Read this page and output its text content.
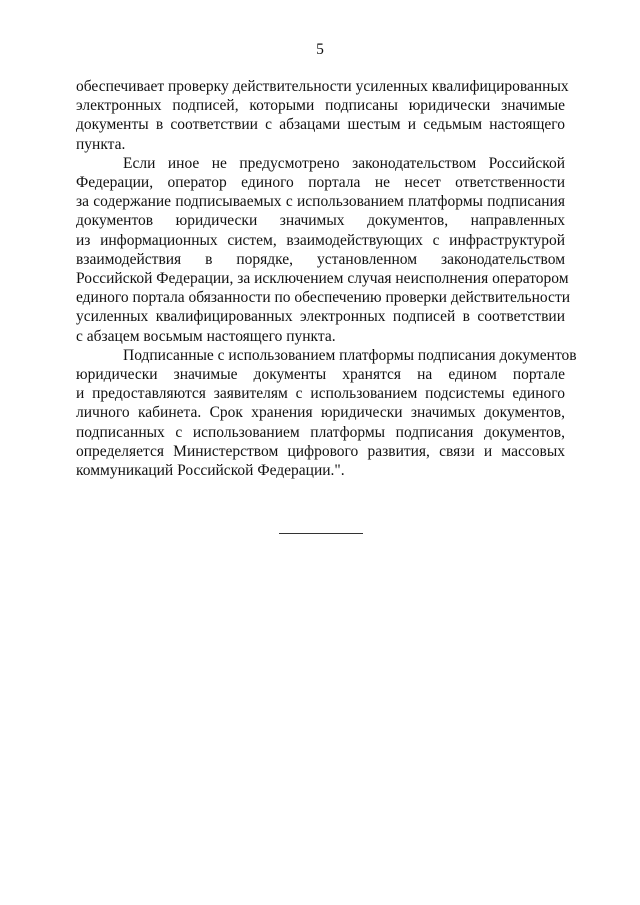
5

обеспечивает проверку действительности усиленных квалифицированных
электронных подписей, которыми подписаны юридически значимые
документы в соответствии с абзацами шестым и седьмым настоящего
пункта.

Если иное не предусмотрено законодательством Российской
Федерации, оператор единого портала не несет ответственности
за содержание подписываемых с использованием платформы подписания
документов юридически значимых документов, направленных
из информационных систем, взаимодействующих с инфраструктурой
взаимодействия в порядке, установленном законодательством
Российской Федерации, за исключением случая неисполнения оператором
единого портала обязанности по обеспечению проверки действительности
усиленных квалифицированных электронных подписей в соответствии
с абзацем восьмым настоящего пункта.

Подписанные с использованием платформы подписания документов
юридически значимые документы хранятся на едином портале
и предоставляются заявителям с использованием подсистемы единого
личного кабинета. Срок хранения юридически значимых документов,
подписанных с использованием платформы подписания документов,
определяется Министерством цифрового развития, связи и массовых
коммуникаций Российской Федерации.".
